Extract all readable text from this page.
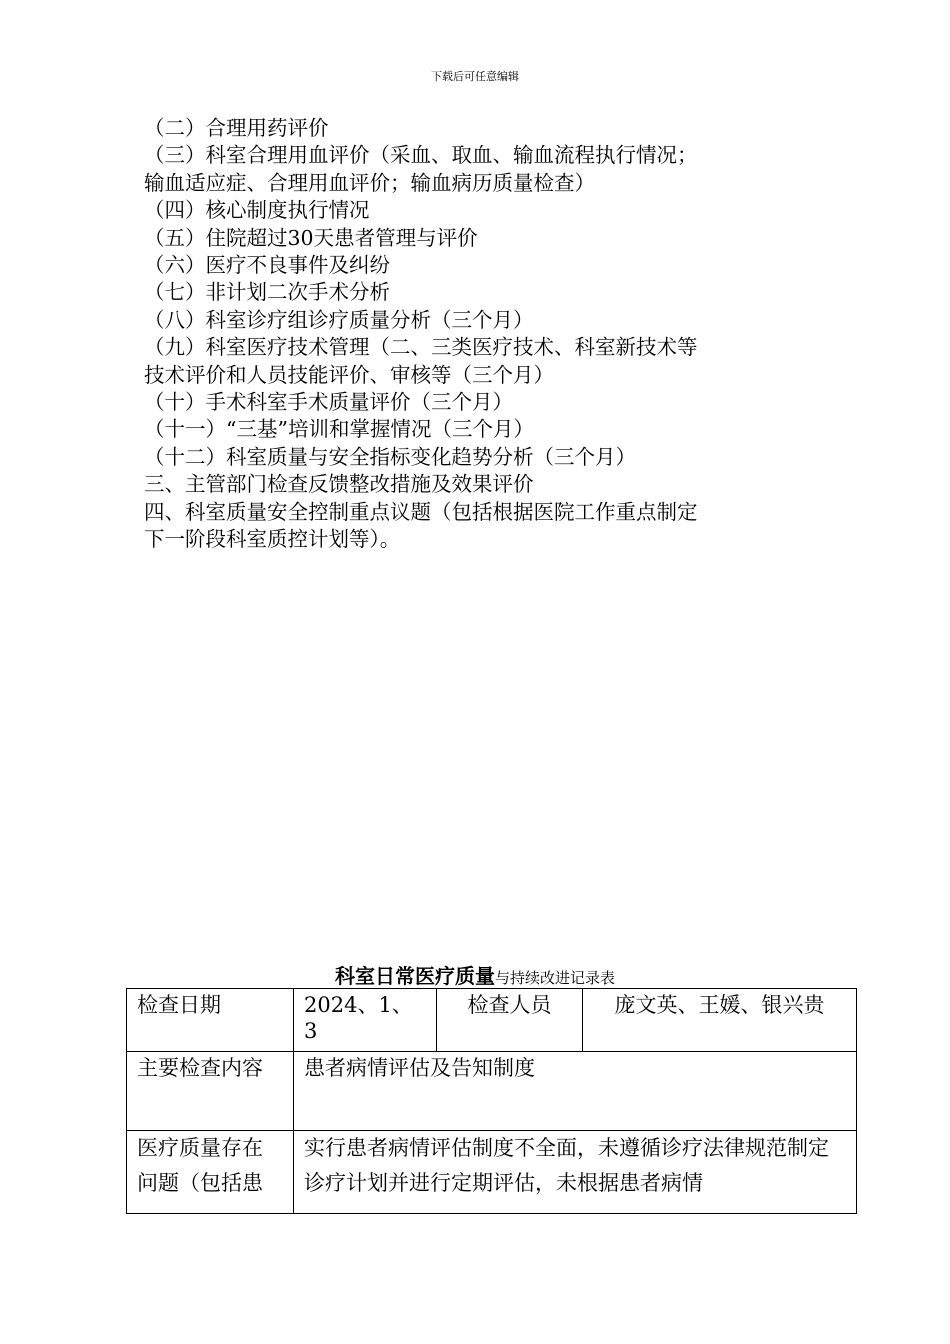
下载后可任意编辑
（二）合理用药评价
（三）科室合理用血评价（采血、取血、输血流程执行情况；
输血适应症、合理用血评价；输血病历质量检查）
（四）核心制度执行情况
（五）住院超过30天患者管理与评价
（六）医疗不良事件及纠纷
（七）非计划二次手术分析
（八）科室诊疗组诊疗质量分析（三个月）
（九）科室医疗技术管理（二、三类医疗技术、科室新技术等
技术评价和人员技能评价、审核等（三个月）
（十）手术科室手术质量评价（三个月）
（十一）“三基”培训和掌握情况（三个月）
（十二）科室质量与安全指标变化趋势分析（三个月）
三、主管部门检查反馈整改措施及效果评价
四、科室质量安全控制重点议题（包括根据医院工作重点制定
下一阶段科室质控计划等）。
科室日常医疗质量与持续改进记录表
检查日期	2024、1、3	检查人员	庞文英、王媛、银兴贵
主要检查内容	患者病情评估及告知制度		
医疗质量存在问题（包括患	实行患者病情评估制度不全面，未遵循诊疗法律规范制定诊疗计划并进行定期评估，未根据患者病情		
